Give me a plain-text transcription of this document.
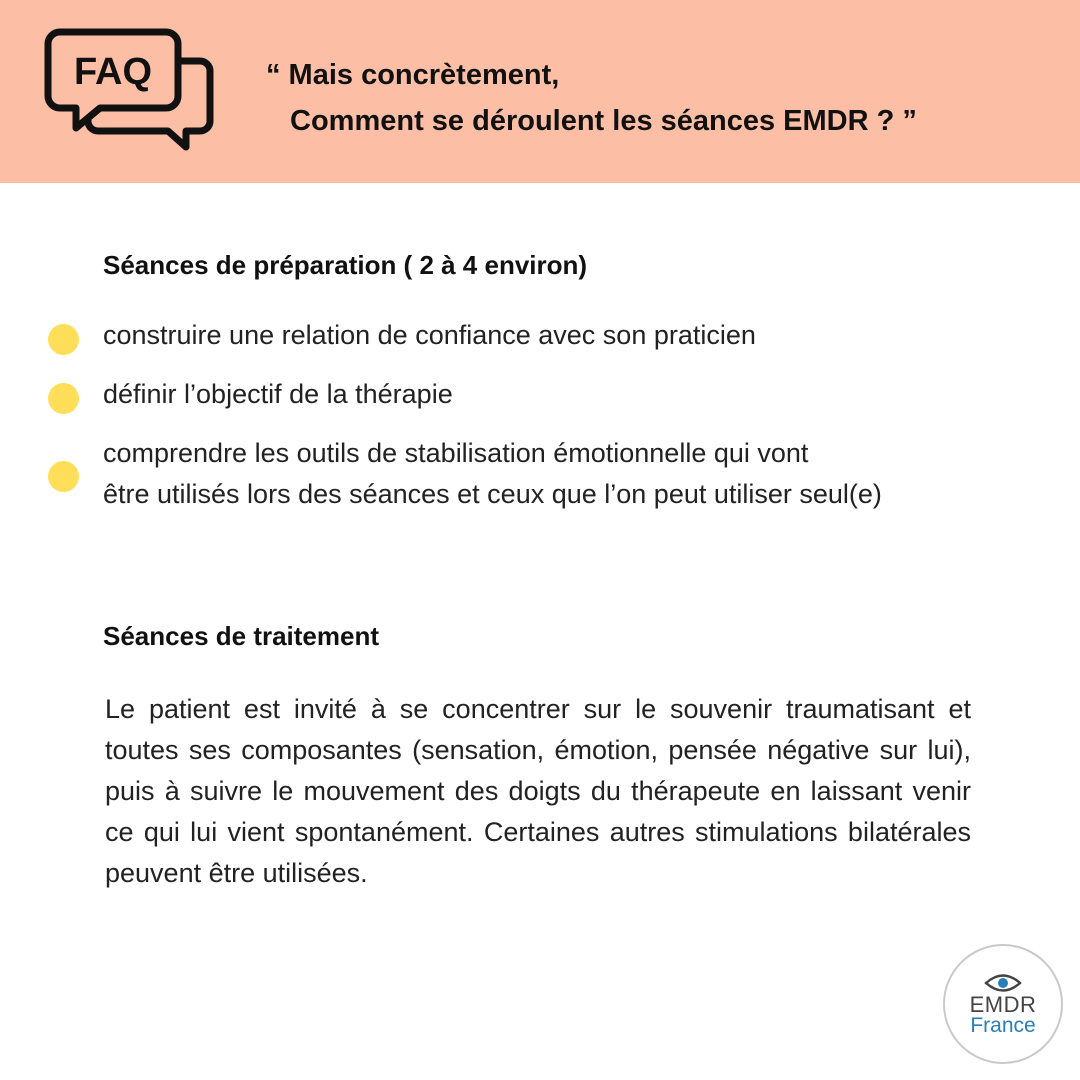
FAQ	“ Mais concrètement,
Comment se déroulent les séances EMDR ? ”
Séances de préparation ( 2 à 4 environ)
construire une relation de confiance avec son praticien
définir l’objectif de la thérapie
comprendre les outils de stabilisation émotionnelle qui vont
être utilisés lors des séances et ceux que l’on peut utiliser seul(e)
Séances de traitement
Le patient est invité à se concentrer sur le souvenir traumatisant et toutes ses composantes (sensation, émotion, pensée négative sur lui), puis à suivre le mouvement des doigts du thérapeute en laissant venir ce qui lui vient spontanément. Certaines autres stimulations bilatérales peuvent être utilisées.
EMDR
France
